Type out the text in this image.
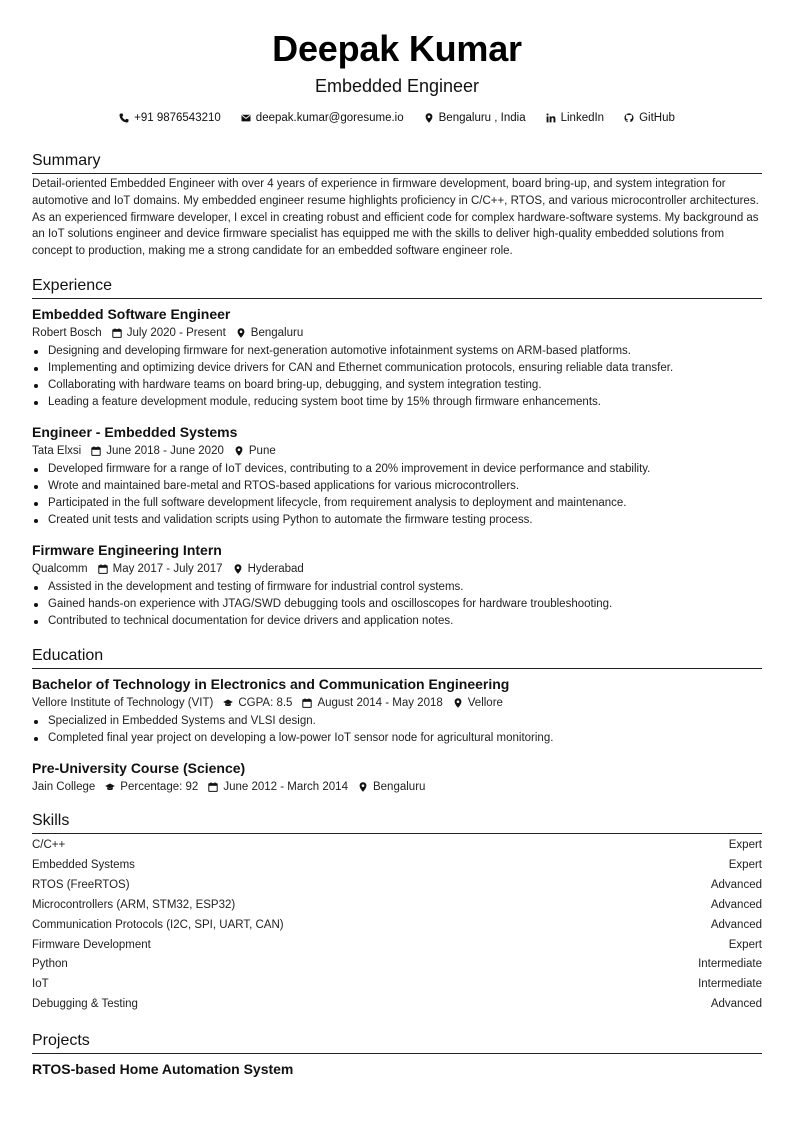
Deepak Kumar
Embedded Engineer
+91 9876543210	deepak.kumar@goresume.io	Bengaluru , India	LinkedIn	GitHub
Summary
Detail-oriented Embedded Engineer with over 4 years of experience in firmware development, board bring-up, and system integration for automotive and IoT domains. My embedded engineer resume highlights proficiency in C/C++, RTOS, and various microcontroller architectures. As an experienced firmware developer, I excel in creating robust and efficient code for complex hardware-software systems. My background as an IoT solutions engineer and device firmware specialist has equipped me with the skills to deliver high-quality embedded solutions from concept to production, making me a strong candidate for an embedded software engineer role.
Experience
Embedded Software Engineer
Robert Bosch July 2020 - Present Bengaluru
Designing and developing firmware for next-generation automotive infotainment systems on ARM-based platforms.
Implementing and optimizing device drivers for CAN and Ethernet communication protocols, ensuring reliable data transfer.
Collaborating with hardware teams on board bring-up, debugging, and system integration testing.
Leading a feature development module, reducing system boot time by 15% through firmware enhancements.
Engineer - Embedded Systems
Tata Elxsi June 2018 - June 2020 Pune
Developed firmware for a range of IoT devices, contributing to a 20% improvement in device performance and stability.
Wrote and maintained bare-metal and RTOS-based applications for various microcontrollers.
Participated in the full software development lifecycle, from requirement analysis to deployment and maintenance.
Created unit tests and validation scripts using Python to automate the firmware testing process.
Firmware Engineering Intern
Qualcomm May 2017 - July 2017 Hyderabad
Assisted in the development and testing of firmware for industrial control systems.
Gained hands-on experience with JTAG/SWD debugging tools and oscilloscopes for hardware troubleshooting.
Contributed to technical documentation for device drivers and application notes.
Education
Bachelor of Technology in Electronics and Communication Engineering
Vellore Institute of Technology (VIT) CGPA: 8.5 August 2014 - May 2018 Vellore
Specialized in Embedded Systems and VLSI design.
Completed final year project on developing a low-power IoT sensor node for agricultural monitoring.
Pre-University Course (Science)
Jain College Percentage: 92 June 2012 - March 2014 Bengaluru
Skills
C/C++	Expert
Embedded Systems	Expert
RTOS (FreeRTOS)	Advanced
Microcontrollers (ARM, STM32, ESP32)	Advanced
Communication Protocols (I2C, SPI, UART, CAN)	Advanced
Firmware Development	Expert
Python	Intermediate
IoT	Intermediate
Debugging & Testing	Advanced
Projects
RTOS-based Home Automation System
